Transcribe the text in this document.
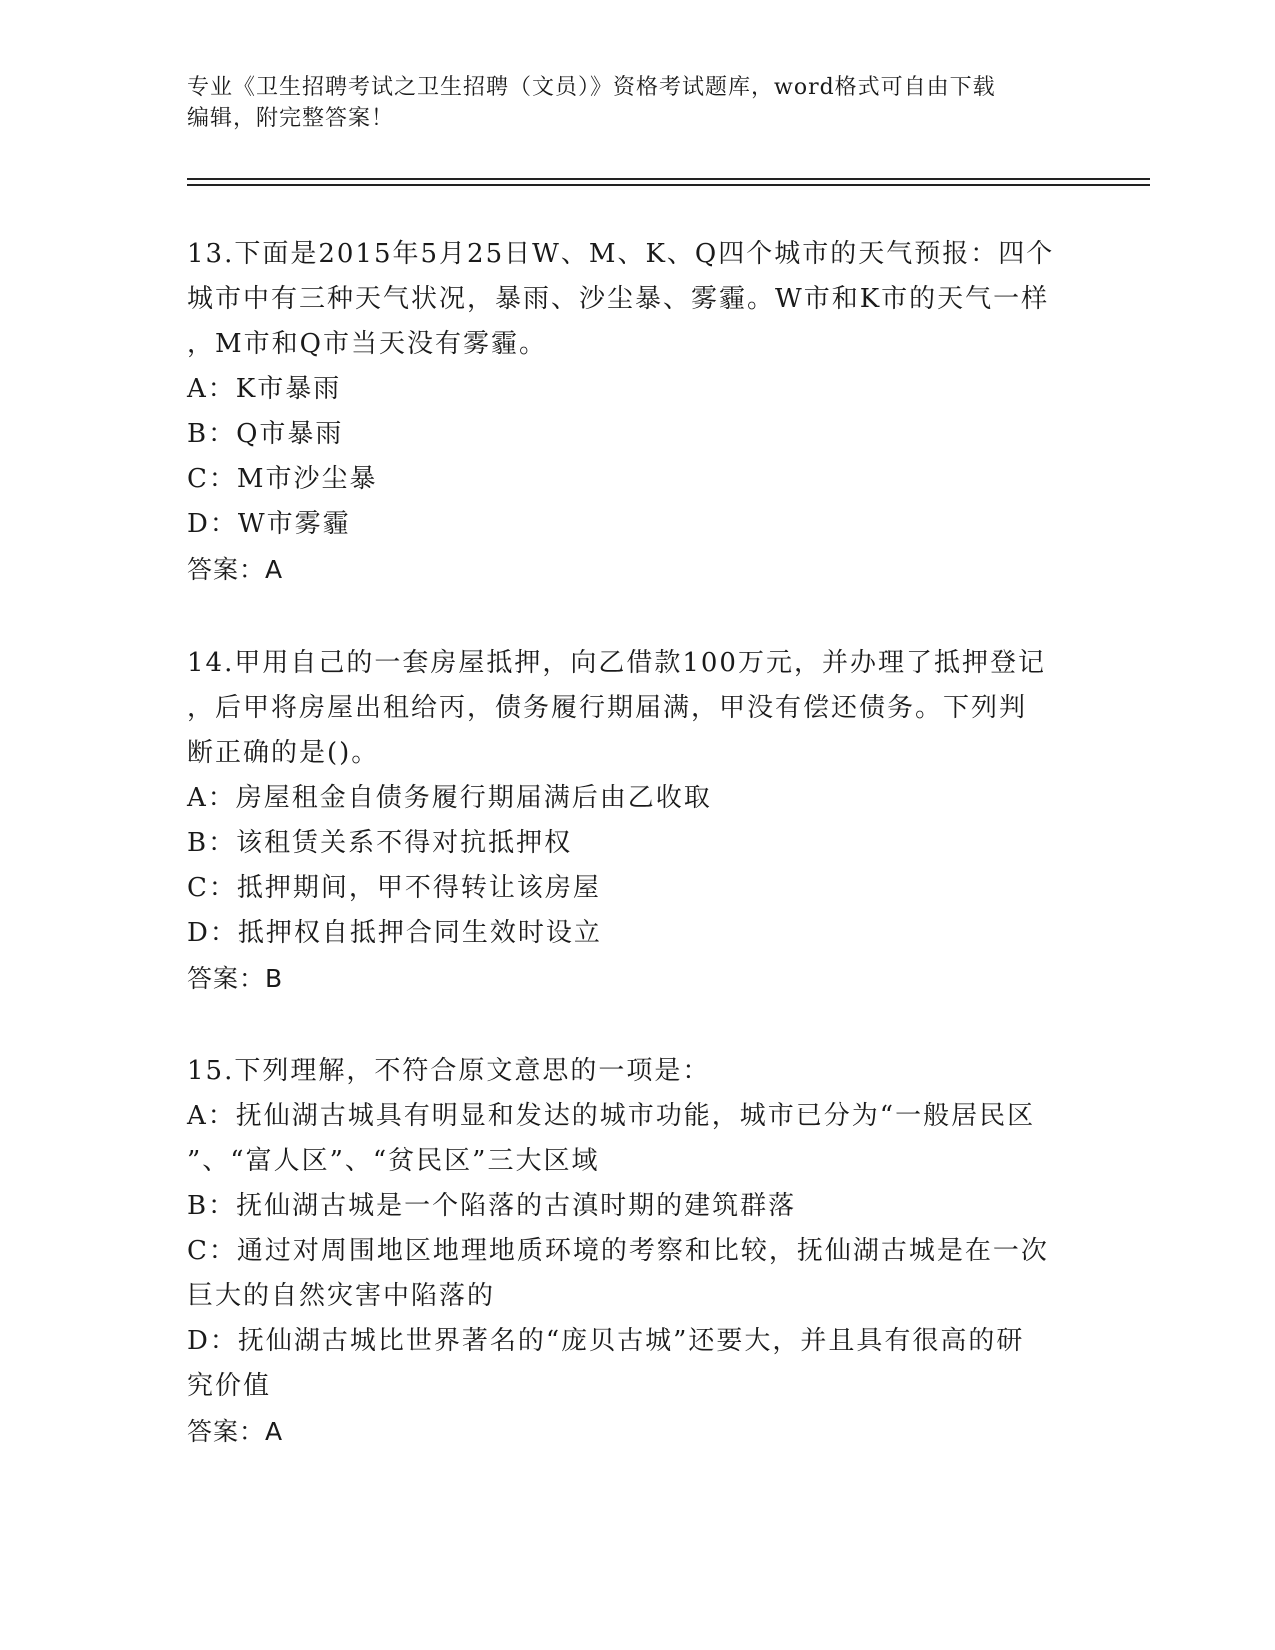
专业《卫生招聘考试之卫生招聘（文员）》资格考试题库，word格式可自由下载
编辑，附完整答案！
13.下面是2015年5月25日W、M、K、Q四个城市的天气预报：四个
城市中有三种天气状况，暴雨、沙尘暴、雾霾。W市和K市的天气一样
，M市和Q市当天没有雾霾。
A：K市暴雨
B：Q市暴雨
C：M市沙尘暴
D：W市雾霾
答案：A
14.甲用自己的一套房屋抵押，向乙借款100万元，并办理了抵押登记
，后甲将房屋出租给丙，债务履行期届满，甲没有偿还债务。下列判
断正确的是()。
A：房屋租金自债务履行期届满后由乙收取
B：该租赁关系不得对抗抵押权
C：抵押期间，甲不得转让该房屋
D：抵押权自抵押合同生效时设立
答案：B
15.下列理解，不符合原文意思的一项是：
A：抚仙湖古城具有明显和发达的城市功能，城市已分为“一般居民区
”、“富人区”、“贫民区”三大区域
B：抚仙湖古城是一个陷落的古滇时期的建筑群落
C：通过对周围地区地理地质环境的考察和比较，抚仙湖古城是在一次
巨大的自然灾害中陷落的
D：抚仙湖古城比世界著名的“庞贝古城”还要大，并且具有很高的研
究价值
答案：A
